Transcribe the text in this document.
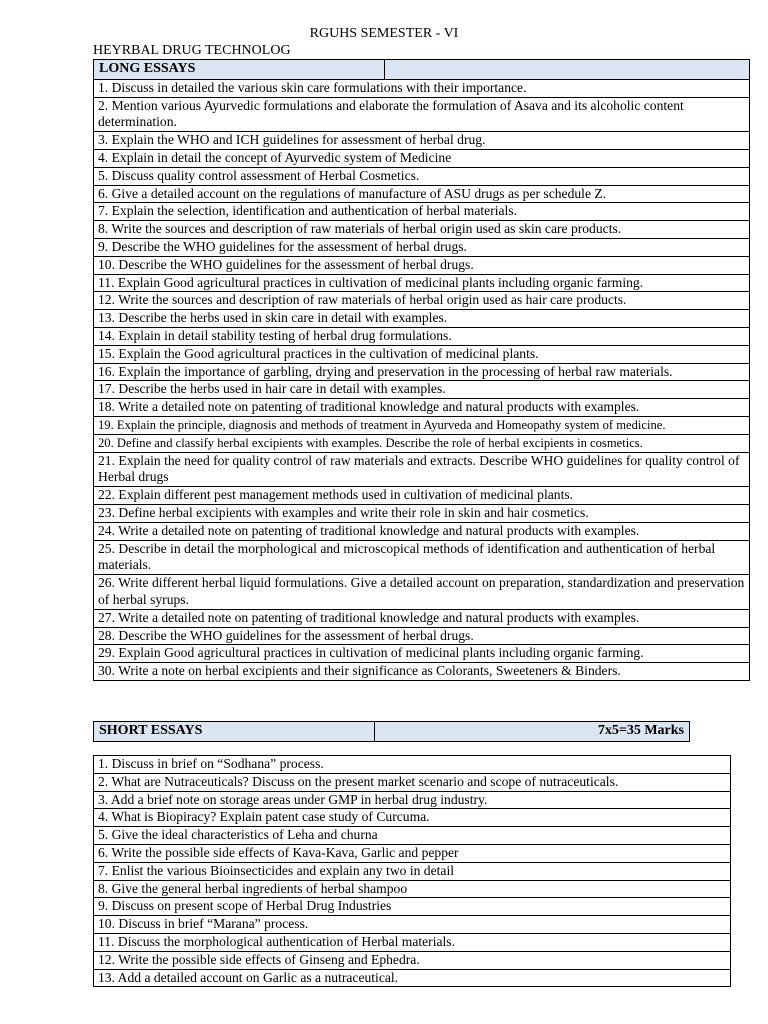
RGUHS SEMESTER - VI
HEYRBAL DRUG TECHNOLOG
LONG ESSAYS	
1. Discuss in detailed the various skin care formulations with their importance.
2. Mention various Ayurvedic formulations and elaborate the formulation of Asava and its alcoholic content determination.
3. Explain the WHO and ICH guidelines for assessment of herbal drug.
4. Explain in detail the concept of Ayurvedic system of Medicine
5. Discuss quality control assessment of Herbal Cosmetics.
6. Give a detailed account on the regulations of manufacture of ASU drugs as per schedule Z.
7. Explain the selection, identification and authentication of herbal materials.
8. Write the sources and description of raw materials of herbal origin used as skin care products.
9. Describe the WHO guidelines for the assessment of herbal drugs.
10. Describe the WHO guidelines for the assessment of herbal drugs.
11. Explain Good agricultural practices in cultivation of medicinal plants including organic farming.
12. Write the sources and description of raw materials of herbal origin used as hair care products.
13. Describe the herbs used in skin care in detail with examples.
14. Explain in detail stability testing of herbal drug formulations.
15. Explain the Good agricultural practices in the cultivation of medicinal plants.
16. Explain the importance of garbling, drying and preservation in the processing of herbal raw materials.
17. Describe the herbs used in hair care in detail with examples.
18. Write a detailed note on patenting of traditional knowledge and natural products with examples.
19. Explain the principle, diagnosis and methods of treatment in Ayurveda and Homeopathy system of medicine.
20. Define and classify herbal excipients with examples. Describe the role of herbal excipients in cosmetics.
21. Explain the need for quality control of raw materials and extracts. Describe WHO guidelines for quality control of Herbal drugs
22. Explain different pest management methods used in cultivation of medicinal plants.
23. Define herbal excipients with examples and write their role in skin and hair cosmetics.
24. Write a detailed note on patenting of traditional knowledge and natural products with examples.
25. Describe in detail the morphological and microscopical methods of identification and authentication of herbal materials.
26. Write different herbal liquid formulations. Give a detailed account on preparation, standardization and preservation of herbal syrups.
27. Write a detailed note on patenting of traditional knowledge and natural products with examples.
28. Describe the WHO guidelines for the assessment of herbal drugs.
29. Explain Good agricultural practices in cultivation of medicinal plants including organic farming.
30. Write a note on herbal excipients and their significance as Colorants, Sweeteners & Binders.
SHORT ESSAYS	7x5=35 Marks
1. Discuss in brief on “Sodhana” process.
2. What are Nutraceuticals? Discuss on the present market scenario and scope of nutraceuticals.
3. Add a brief note on storage areas under GMP in herbal drug industry.
4. What is Biopiracy? Explain patent case study of Curcuma.
5. Give the ideal characteristics of Leha and churna
6. Write the possible side effects of Kava-Kava, Garlic and pepper
7. Enlist the various Bioinsecticides and explain any two in detail
8. Give the general herbal ingredients of herbal shampoo
9. Discuss on present scope of Herbal Drug Industries
10. Discuss in brief “Marana” process.
11. Discuss the morphological authentication of Herbal materials.
12. Write the possible side effects of Ginseng and Ephedra.
13. Add a detailed account on Garlic as a nutraceutical.
